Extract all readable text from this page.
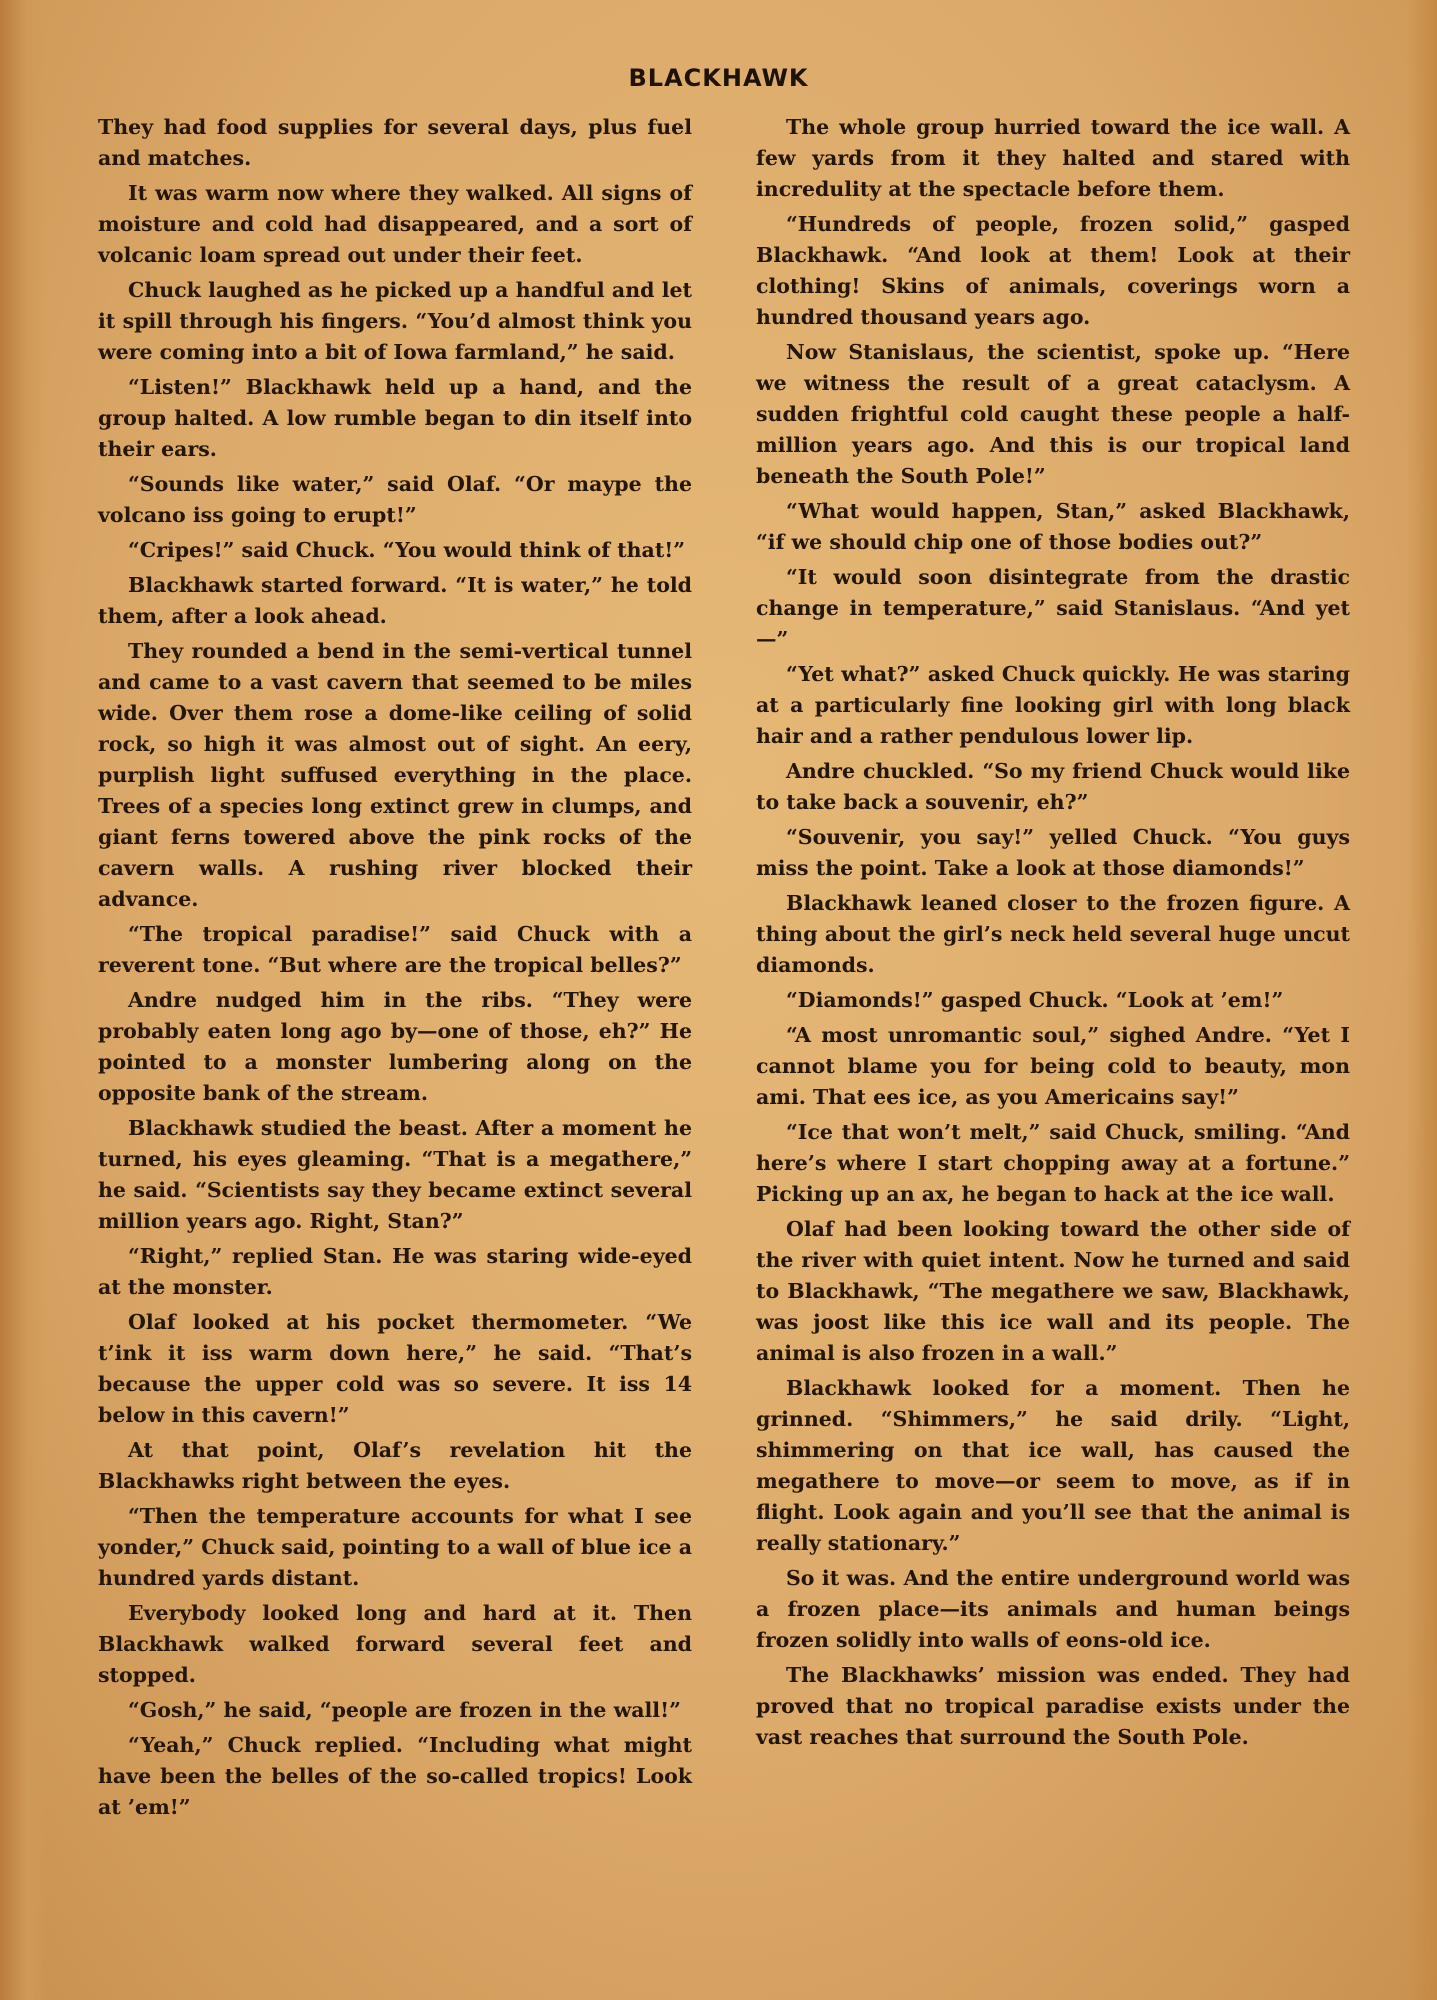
BLACKHAWK

They had food supplies for several days, plus fuel and matches.

It was warm now where they walked. All signs of moisture and cold had disappeared, and a sort of volcanic loam spread out under their feet.

Chuck laughed as he picked up a handful and let it spill through his fingers. “You’d almost think you were coming into a bit of Iowa farmland,” he said.

“Listen!” Blackhawk held up a hand, and the group halted. A low rumble began to din itself into their ears.

“Sounds like water,” said Olaf. “Or maype the volcano iss going to erupt!”

“Cripes!” said Chuck. “You would think of that!”

Blackhawk started forward. “It is water,” he told them, after a look ahead.

They rounded a bend in the semi-vertical tunnel and came to a vast cavern that seemed to be miles wide. Over them rose a dome-like ceiling of solid rock, so high it was almost out of sight. An eery, purplish light suffused everything in the place. Trees of a species long extinct grew in clumps, and giant ferns towered above the pink rocks of the cavern walls. A rushing river blocked their advance.

“The tropical paradise!” said Chuck with a reverent tone. “But where are the tropical belles?”

Andre nudged him in the ribs. “They were probably eaten long ago by—one of those, eh?” He pointed to a monster lumbering along on the opposite bank of the stream.

Blackhawk studied the beast. After a moment he turned, his eyes gleaming. “That is a megathere,” he said. “Scientists say they became extinct several million years ago. Right, Stan?”

“Right,” replied Stan. He was staring wide-eyed at the monster.

Olaf looked at his pocket thermometer. “We t’ink it iss warm down here,” he said. “That’s because the upper cold was so severe. It iss 14 below in this cavern!”

At that point, Olaf’s revelation hit the Blackhawks right between the eyes.

“Then the temperature accounts for what I see yonder,” Chuck said, pointing to a wall of blue ice a hundred yards distant.

Everybody looked long and hard at it. Then Blackhawk walked forward several feet and stopped.

“Gosh,” he said, “people are frozen in the wall!”

“Yeah,” Chuck replied. “Including what might have been the belles of the so-called tropics! Look at ’em!”

The whole group hurried toward the ice wall. A few yards from it they halted and stared with incredulity at the spectacle before them.

“Hundreds of people, frozen solid,” gasped Blackhawk. “And look at them! Look at their clothing! Skins of animals, coverings worn a hundred thousand years ago.

Now Stanislaus, the scientist, spoke up. “Here we witness the result of a great cataclysm. A sudden frightful cold caught these people a half-million years ago. And this is our tropical land beneath the South Pole!”

“What would happen, Stan,” asked Blackhawk, “if we should chip one of those bodies out?”

“It would soon disintegrate from the drastic change in temperature,” said Stanislaus. “And yet—”

“Yet what?” asked Chuck quickly. He was staring at a particularly fine looking girl with long black hair and a rather pendulous lower lip.

Andre chuckled. “So my friend Chuck would like to take back a souvenir, eh?”

“Souvenir, you say!” yelled Chuck. “You guys miss the point. Take a look at those diamonds!”

Blackhawk leaned closer to the frozen figure. A thing about the girl’s neck held several huge uncut diamonds.

“Diamonds!” gasped Chuck. “Look at ’em!”

“A most unromantic soul,” sighed Andre. “Yet I cannot blame you for being cold to beauty, mon ami. That ees ice, as you Americains say!”

“Ice that won’t melt,” said Chuck, smiling. “And here’s where I start chopping away at a fortune.” Picking up an ax, he began to hack at the ice wall.

Olaf had been looking toward the other side of the river with quiet intent. Now he turned and said to Blackhawk, “The megathere we saw, Blackhawk, was joost like this ice wall and its people. The animal is also frozen in a wall.”

Blackhawk looked for a moment. Then he grinned. “Shimmers,” he said drily. “Light, shimmering on that ice wall, has caused the megathere to move—or seem to move, as if in flight. Look again and you’ll see that the animal is really stationary.”

So it was. And the entire underground world was a frozen place—its animals and human beings frozen solidly into walls of eons-old ice.

The Blackhawks’ mission was ended. They had proved that no tropical paradise exists under the vast reaches that surround the South Pole.
